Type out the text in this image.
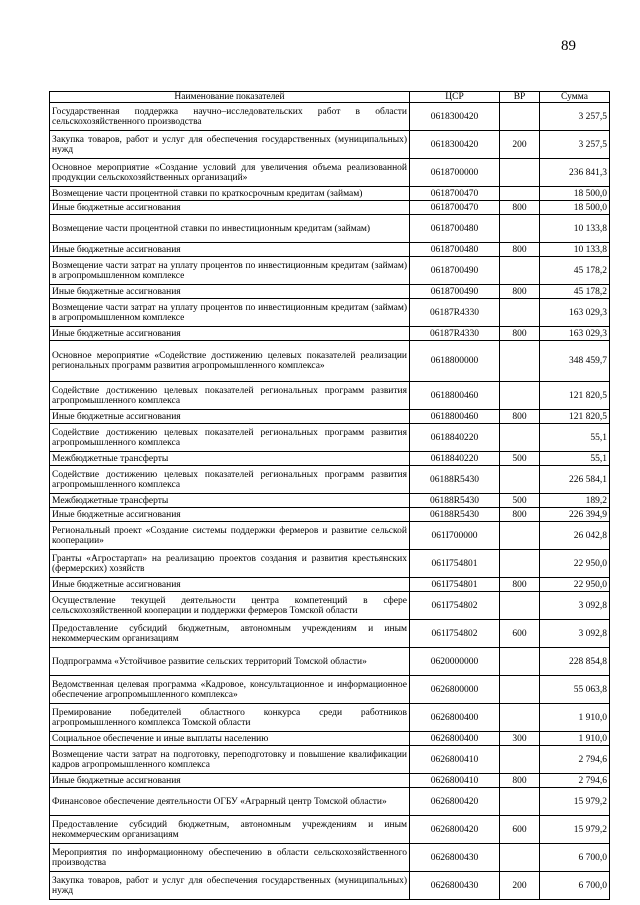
89
Наименование показателей	ЦСР	ВР	Сумма
Государственная поддержка научно–исследовательских работ в области сельскохозяйственного производства	0618300420		3 257,5
Закупка товаров, работ и услуг для обеспечения государственных (муниципальных) нужд	0618300420	200	3 257,5
Основное мероприятие «Создание условий для увеличения объема реализованной продукции сельскохозяйственных организаций»	0618700000		236 841,3
Возмещение части процентной ставки по краткосрочным кредитам (займам)	0618700470		18 500,0
Иные бюджетные ассигнования	0618700470	800	18 500,0
Возмещение части процентной ставки по инвестиционным кредитам (займам)	0618700480		10 133,8
Иные бюджетные ассигнования	0618700480	800	10 133,8
Возмещение части затрат на уплату процентов по инвестиционным кредитам (займам) в агропромышленном комплексе	0618700490		45 178,2
Иные бюджетные ассигнования	0618700490	800	45 178,2
Возмещение части затрат на уплату процентов по инвестиционным кредитам (займам) в агропромышленном комплексе	06187R4330		163 029,3
Иные бюджетные ассигнования	06187R4330	800	163 029,3
Основное мероприятие «Содействие достижению целевых показателей реализации региональных программ развития агропромышленного комплекса»	0618800000		348 459,7
Содействие достижению целевых показателей региональных программ развития агропромышленного комплекса	0618800460		121 820,5
Иные бюджетные ассигнования	0618800460	800	121 820,5
Содействие достижению целевых показателей региональных программ развития агропромышленного комплекса	0618840220		55,1
Межбюджетные трансферты	0618840220	500	55,1
Содействие достижению целевых показателей региональных программ развития агропромышленного комплекса	06188R5430		226 584,1
Межбюджетные трансферты	06188R5430	500	189,2
Иные бюджетные ассигнования	06188R5430	800	226 394,9
Региональный проект «Создание системы поддержки фермеров и развитие сельской кооперации»	061I700000		26 042,8
Гранты «Агростартап» на реализацию проектов создания и развития крестьянских (фермерских) хозяйств	061I754801		22 950,0
Иные бюджетные ассигнования	061I754801	800	22 950,0
Осуществление текущей деятельности центра компетенций в сфере сельскохозяйственной кооперации и поддержки фермеров Томской области	061I754802		3 092,8
Предоставление субсидий бюджетным, автономным учреждениям и иным некоммерческим организациям	061I754802	600	3 092,8
Подпрограмма «Устойчивое развитие сельских территорий Томской области»	0620000000		228 854,8
Ведомственная целевая программа «Кадровое, консультационное и информационное обеспечение агропромышленного комплекса»	0626800000		55 063,8
Премирование победителей областного конкурса среди работников агропромышленного комплекса Томской области	0626800400		1 910,0
Социальное обеспечение и иные выплаты населению	0626800400	300	1 910,0
Возмещение части затрат на подготовку, переподготовку и повышение квалификации кадров агропромышленного комплекса	0626800410		2 794,6
Иные бюджетные ассигнования	0626800410	800	2 794,6
Финансовое обеспечение деятельности ОГБУ «Аграрный центр Томской области»	0626800420		15 979,2
Предоставление субсидий бюджетным, автономным учреждениям и иным некоммерческим организациям	0626800420	600	15 979,2
Мероприятия по информационному обеспечению в области сельскохозяйственного производства	0626800430		6 700,0
Закупка товаров, работ и услуг для обеспечения государственных (муниципальных) нужд	0626800430	200	6 700,0
